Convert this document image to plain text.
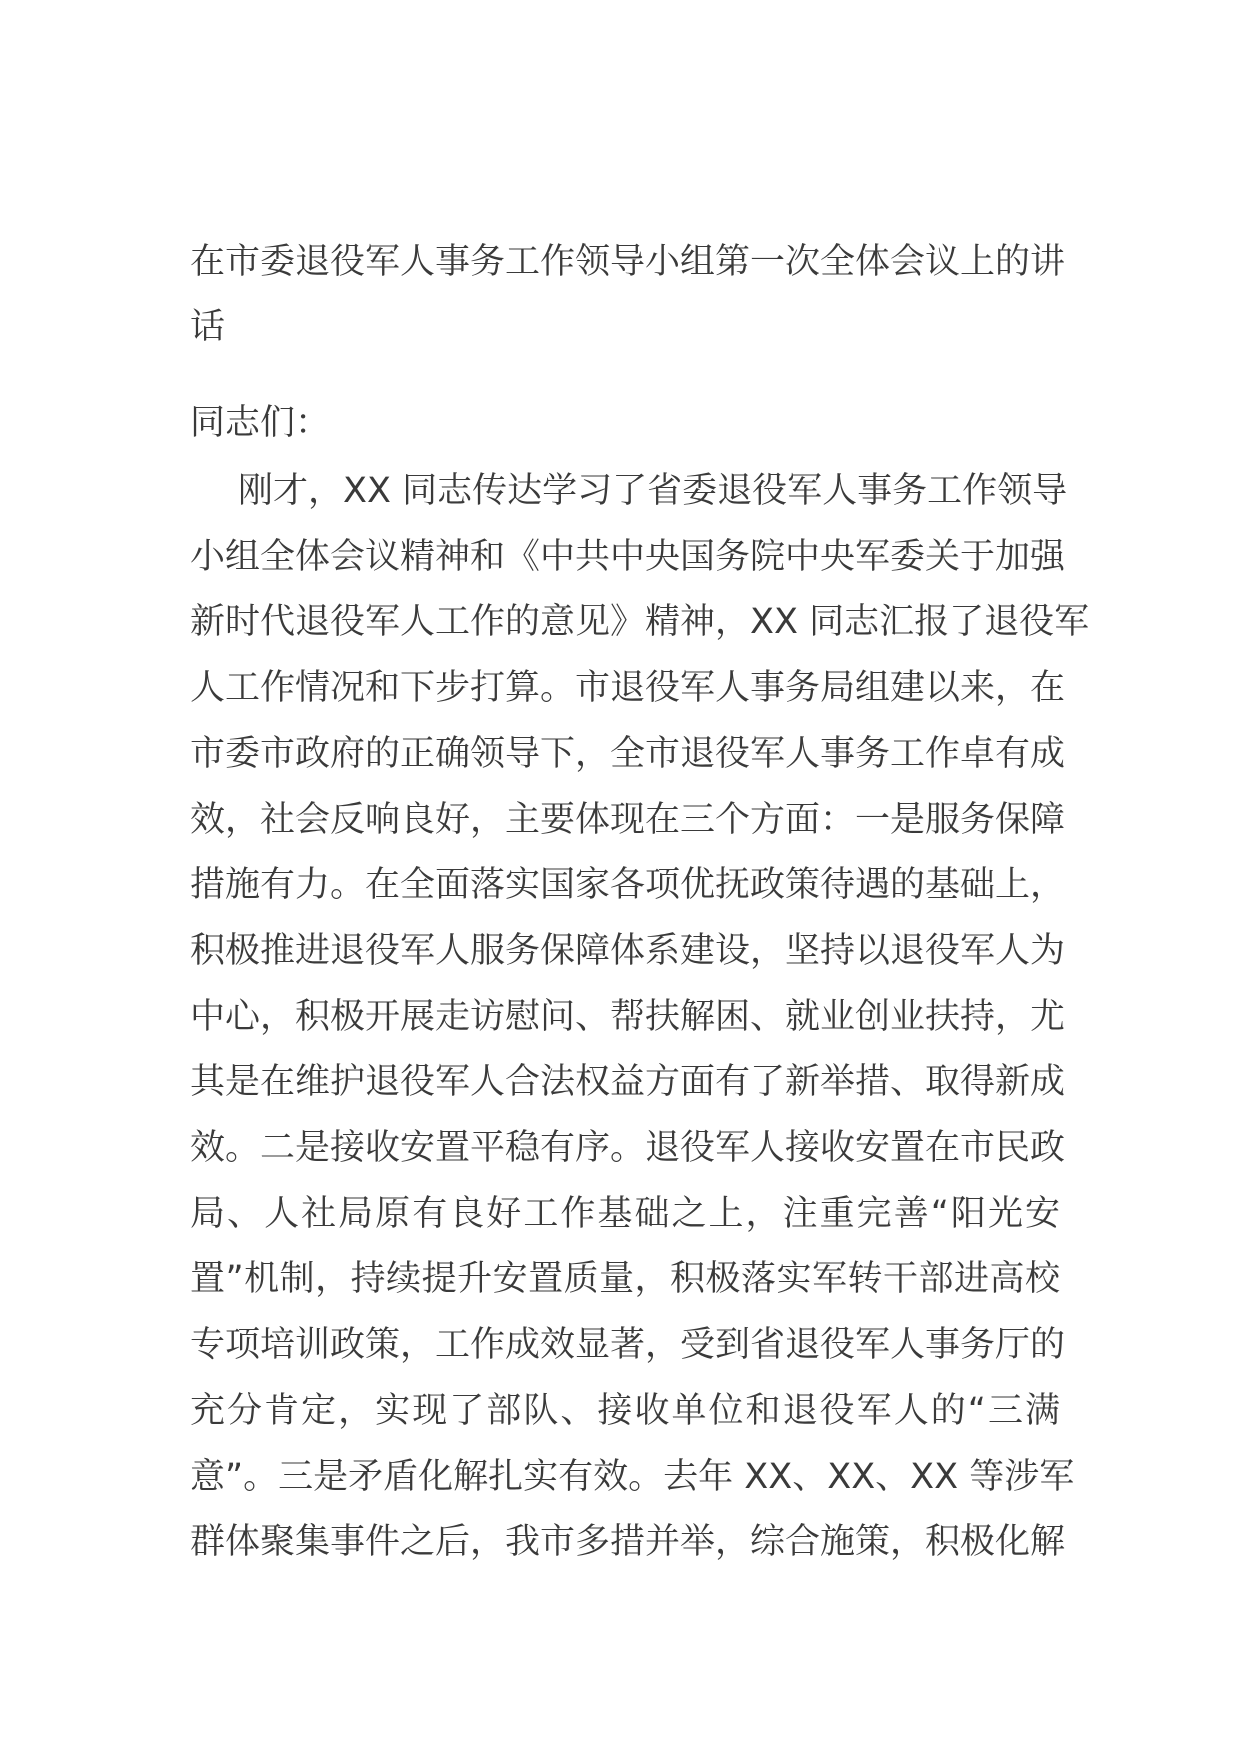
在市委退役军人事务工作领导小组第一次全体会议上的讲
话
同志们：
刚才，XX 同志传达学习了省委退役军人事务工作领导
小组全体会议精神和《中共中央国务院中央军委关于加强
新时代退役军人工作的意见》精神，XX 同志汇报了退役军
人工作情况和下步打算。市退役军人事务局组建以来，在
市委市政府的正确领导下，全市退役军人事务工作卓有成
效，社会反响良好，主要体现在三个方面：一是服务保障
措施有力。在全面落实国家各项优抚政策待遇的基础上，
积极推进退役军人服务保障体系建设，坚持以退役军人为
中心，积极开展走访慰问、帮扶解困、就业创业扶持，尤
其是在维护退役军人合法权益方面有了新举措、取得新成
效。二是接收安置平稳有序。退役军人接收安置在市民政
局、人社局原有良好工作基础之上，注重完善“阳光安
置”机制，持续提升安置质量，积极落实军转干部进高校
专项培训政策，工作成效显著，受到省退役军人事务厅的
充分肯定，实现了部队、接收单位和退役军人的“三满
意”。三是矛盾化解扎实有效。去年 XX、XX、XX 等涉军
群体聚集事件之后，我市多措并举，综合施策，积极化解
